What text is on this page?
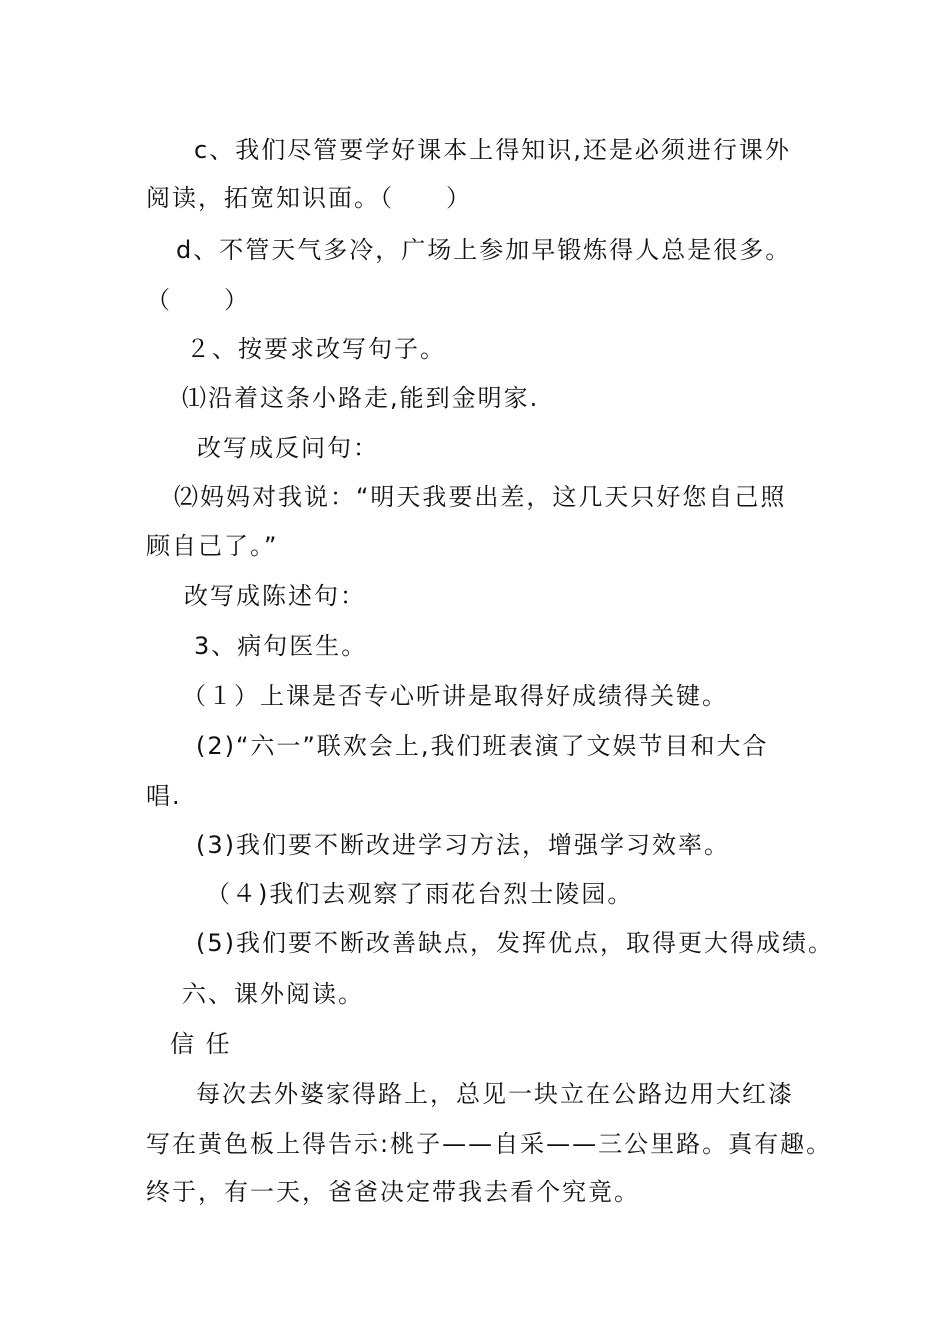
c、我们尽管要学好课本上得知识,还是必须进行课外
阅读，拓宽知识面。（　　）
d、不管天气多冷，广场上参加早锻炼得人总是很多。
（　　）
２、按要求改写句子。
⑴沿着这条小路走,能到金明家.
改写成反问句：
⑵妈妈对我说：“明天我要出差，这几天只好您自己照
顾自己了。”
改写成陈述句：
3、病句医生。
（１）上课是否专心听讲是取得好成绩得关键。
(2)“六一”联欢会上,我们班表演了文娱节目和大合
唱.
(3)我们要不断改进学习方法，增强学习效率。
（４)我们去观察了雨花台烈士陵园。
(5)我们要不断改善缺点，发挥优点，取得更大得成绩。
六、课外阅读。
信 任
每次去外婆家得路上，总见一块立在公路边用大红漆
写在黄色板上得告示:桃子——自采——三公里路。真有趣。
终于，有一天，爸爸决定带我去看个究竟。
